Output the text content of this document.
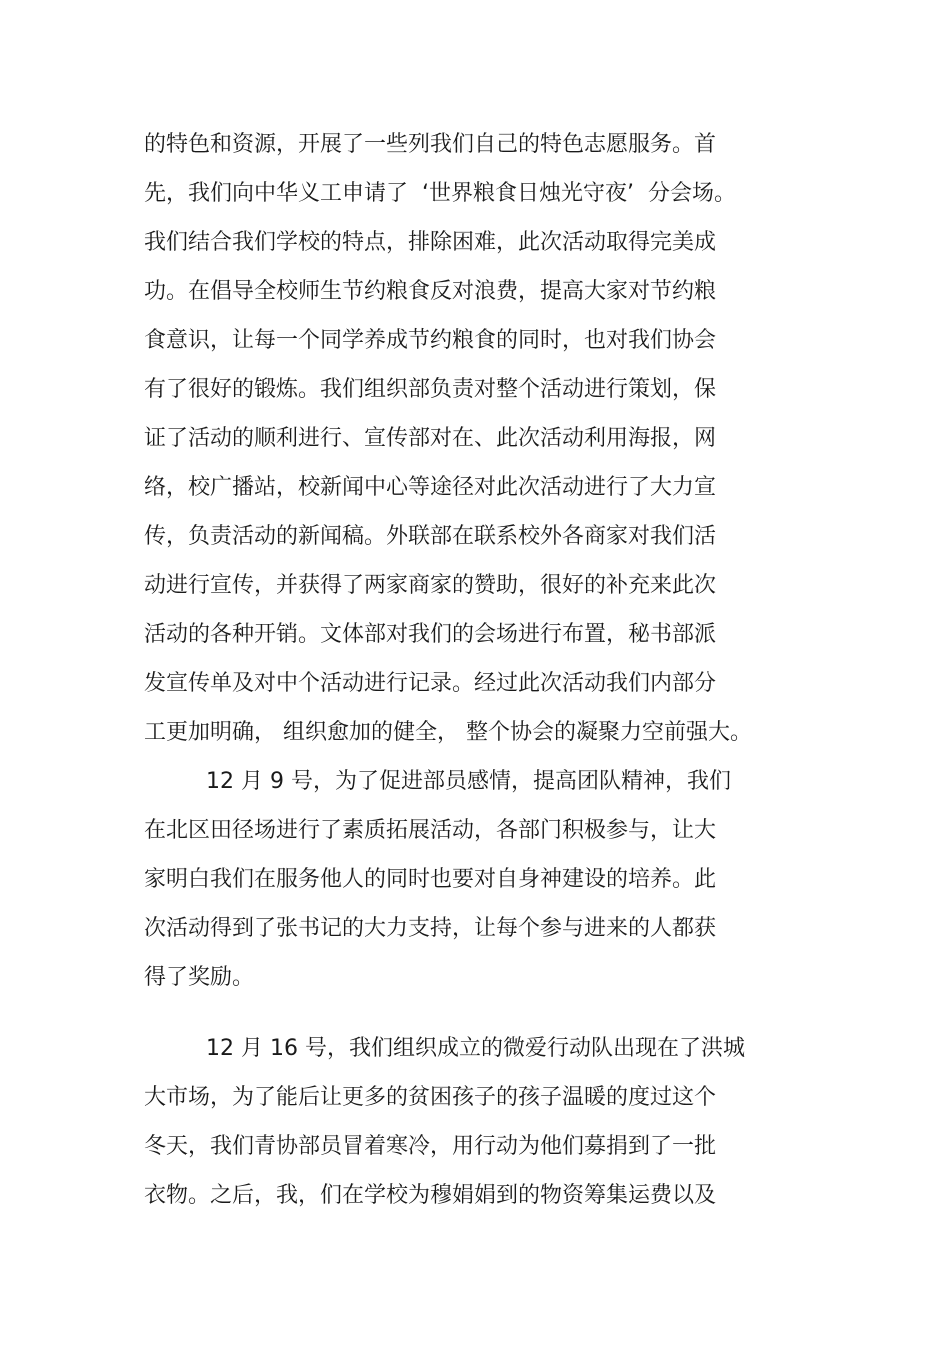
的特色和资源，开展了一些列我们自己的特色志愿服务。首
先，我们向中华义工申请了  ‘世界粮食日烛光守夜’  分会场。
我们结合我们学校的特点，排除困难，此次活动取得完美成
功。在倡导全校师生节约粮食反对浪费，提高大家对节约粮
食意识，让每一个同学养成节约粮食的同时，也对我们协会
有了很好的锻炼。我们组织部负责对整个活动进行策划，保
证了活动的顺利进行、宣传部对在、此次活动利用海报，网
络，校广播站，校新闻中心等途径对此次活动进行了大力宣
传，负责活动的新闻稿。外联部在联系校外各商家对我们活
动进行宣传，并获得了两家商家的赞助，很好的补充来此次
活动的各种开销。文体部对我们的会场进行布置，秘书部派
发宣传单及对中个活动进行记录。经过此次活动我们内部分
工更加明确， 组织愈加的健全， 整个协会的凝聚力空前强大。
12 月 9 号，为了促进部员感情，提高团队精神，我们
在北区田径场进行了素质拓展活动，各部门积极参与，让大
家明白我们在服务他人的同时也要对自身神建设的培养。此
次活动得到了张书记的大力支持，让每个参与进来的人都获
得了奖励。
12 月 16 号，我们组织成立的微爱行动队出现在了洪城
大市场，为了能后让更多的贫困孩子的孩子温暖的度过这个
冬天，我们青协部员冒着寒冷，用行动为他们募捐到了一批
衣物。之后，我，们在学校为穆娟娟到的物资筹集运费以及
